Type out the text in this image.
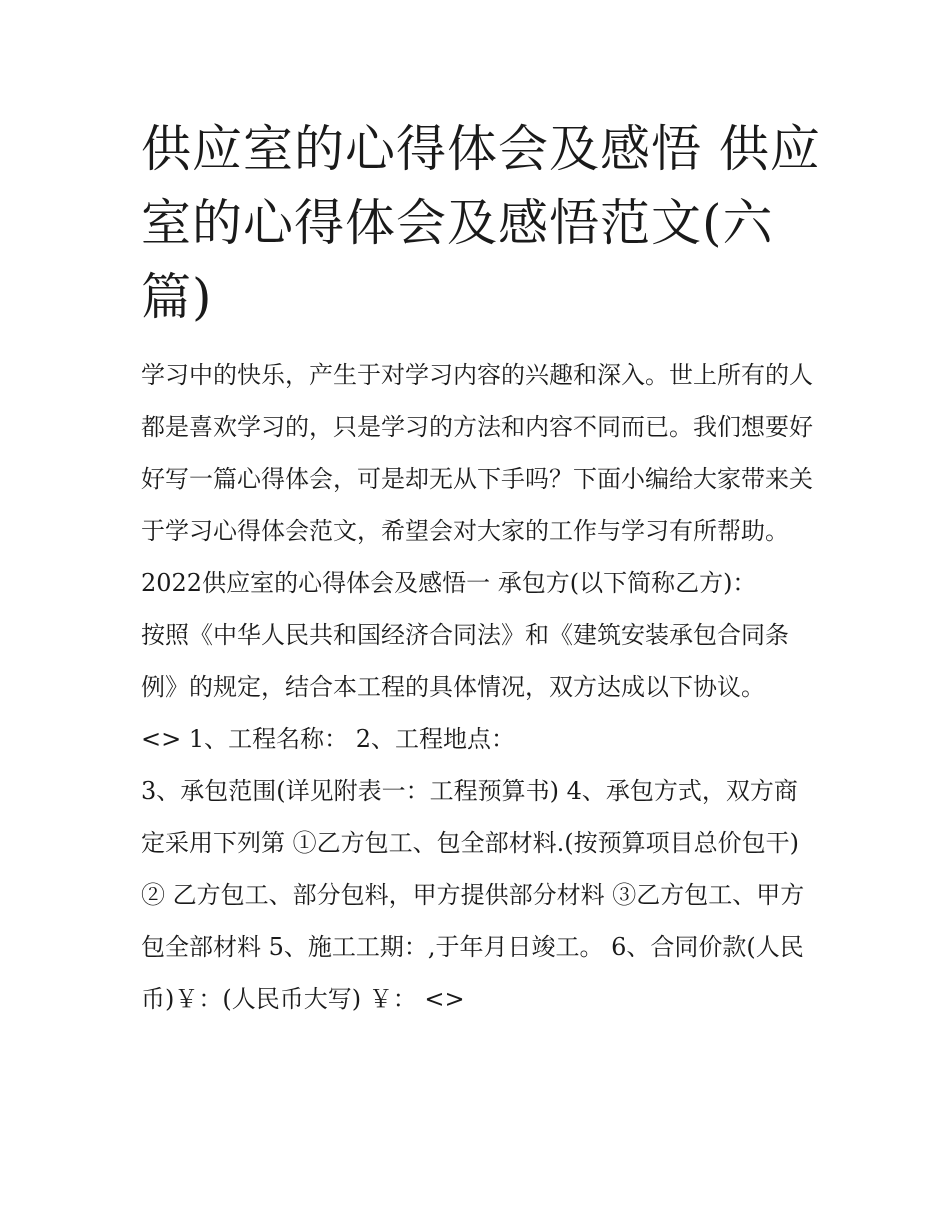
供应室的心得体会及感悟 供应室的心得体会及感悟范文(六篇)

学习中的快乐，产生于对学习内容的兴趣和深入。世上所有的人都是喜欢学习的，只是学习的方法和内容不同而已。我们想要好好写一篇心得体会，可是却无从下手吗？下面小编给大家带来关于学习心得体会范文，希望会对大家的工作与学习有所帮助。

2022供应室的心得体会及感悟一 承包方(以下简称乙方)：

按照《中华人民共和国经济合同法》和《建筑安装承包合同条例》的规定，结合本工程的具体情况，双方达成以下协议。

<> 1、工程名称： 2、工程地点：

3、承包范围(详见附表一：工程预算书) 4、承包方式，双方商定采用下列第 ①乙方包工、包全部材料.(按预算项目总价包干)

② 乙方包工、部分包料，甲方提供部分材料 ③乙方包工、甲方包全部材料 5、施工工期：,于年月日竣工。 6、合同价款(人民币)￥：(人民币大写) ￥： <>
